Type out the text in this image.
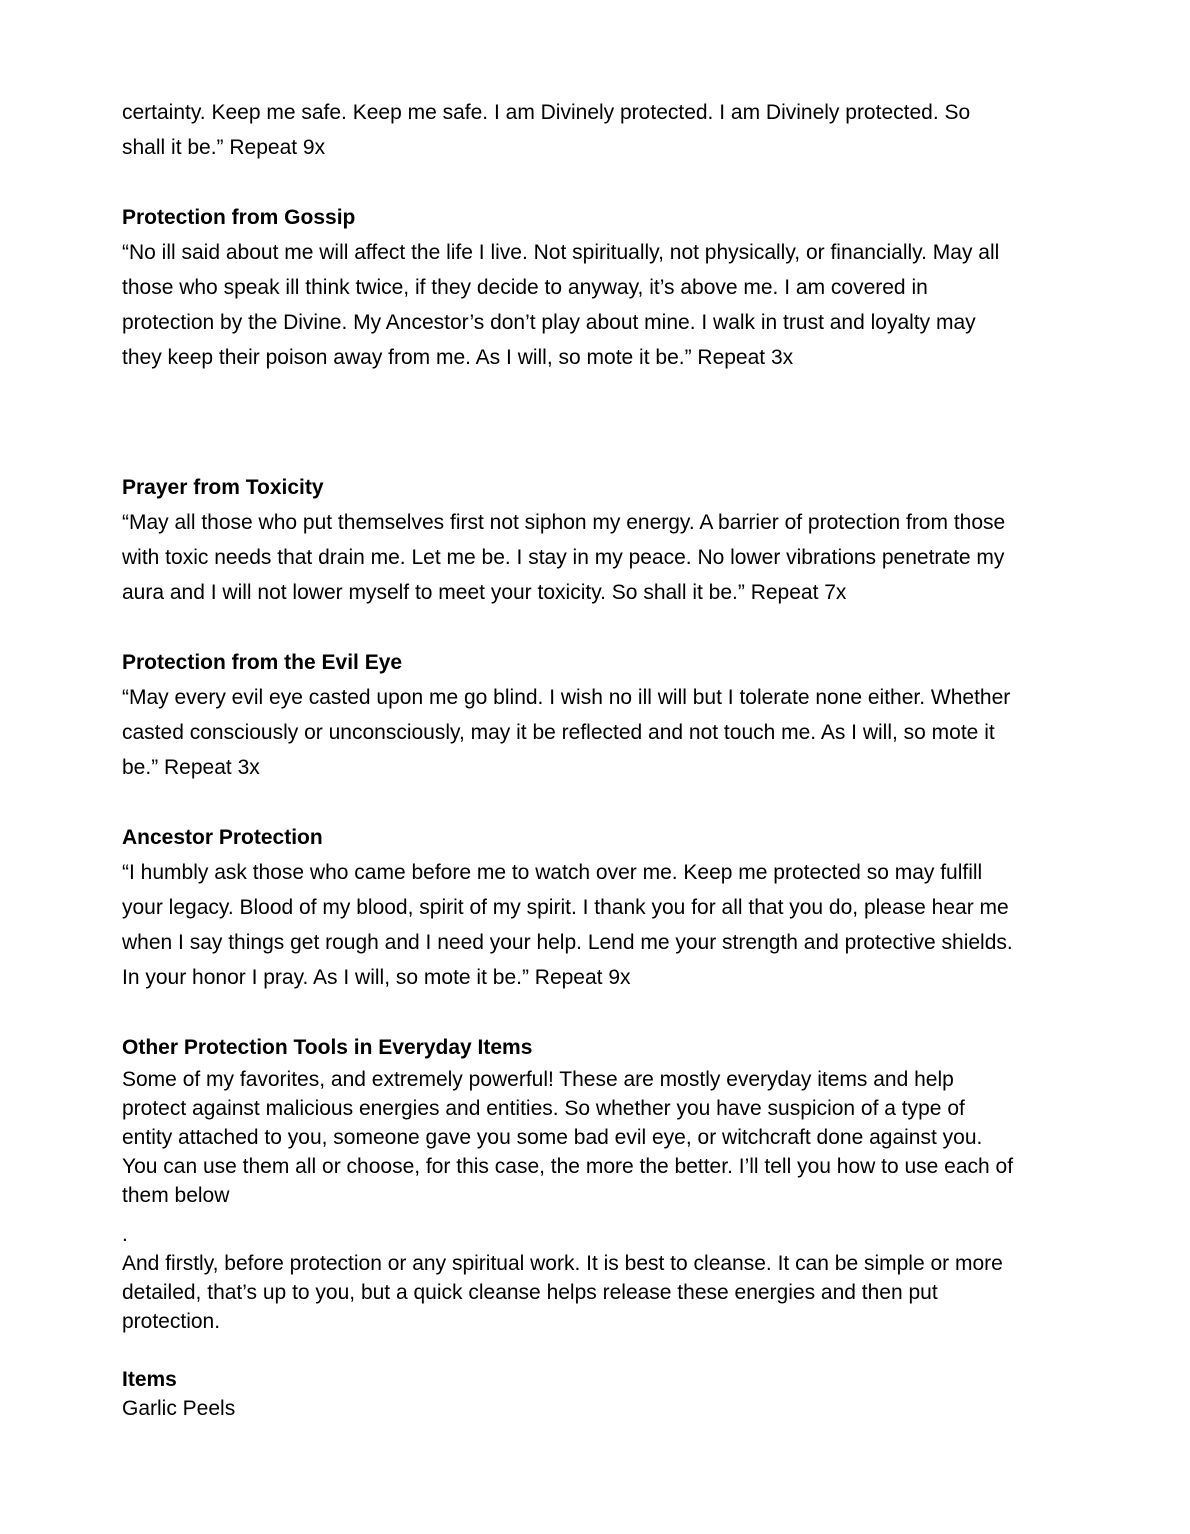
certainty. Keep me safe. Keep me safe. I am Divinely protected. I am Divinely protected. So
shall it be.” Repeat 9x
Protection from Gossip
“No ill said about me will affect the life I live. Not spiritually, not physically, or financially. May all
those who speak ill think twice, if they decide to anyway, it’s above me. I am covered in
protection by the Divine. My Ancestor’s don’t play about mine. I walk in trust and loyalty may
they keep their poison away from me. As I will, so mote it be.” Repeat 3x
Prayer from Toxicity
“May all those who put themselves first not siphon my energy. A barrier of protection from those
with toxic needs that drain me. Let me be. I stay in my peace. No lower vibrations penetrate my
aura and I will not lower myself to meet your toxicity. So shall it be.” Repeat 7x
Protection from the Evil Eye
“May every evil eye casted upon me go blind. I wish no ill will but I tolerate none either. Whether
casted consciously or unconsciously, may it be reflected and not touch me. As I will, so mote it
be.” Repeat 3x
Ancestor Protection
“I humbly ask those who came before me to watch over me. Keep me protected so may fulfill
your legacy. Blood of my blood, spirit of my spirit. I thank you for all that you do, please hear me
when I say things get rough and I need your help. Lend me your strength and protective shields.
In your honor I pray. As I will, so mote it be.” Repeat 9x
Other Protection Tools in Everyday Items
Some of my favorites, and extremely powerful! These are mostly everyday items and help
protect against malicious energies and entities. So whether you have suspicion of a type of
entity attached to you, someone gave you some bad evil eye, or witchcraft done against you.
You can use them all or choose, for this case, the more the better. I’ll tell you how to use each of
them below
.
And firstly, before protection or any spiritual work. It is best to cleanse. It can be simple or more
detailed, that’s up to you, but a quick cleanse helps release these energies and then put
protection.
Items
Garlic Peels
